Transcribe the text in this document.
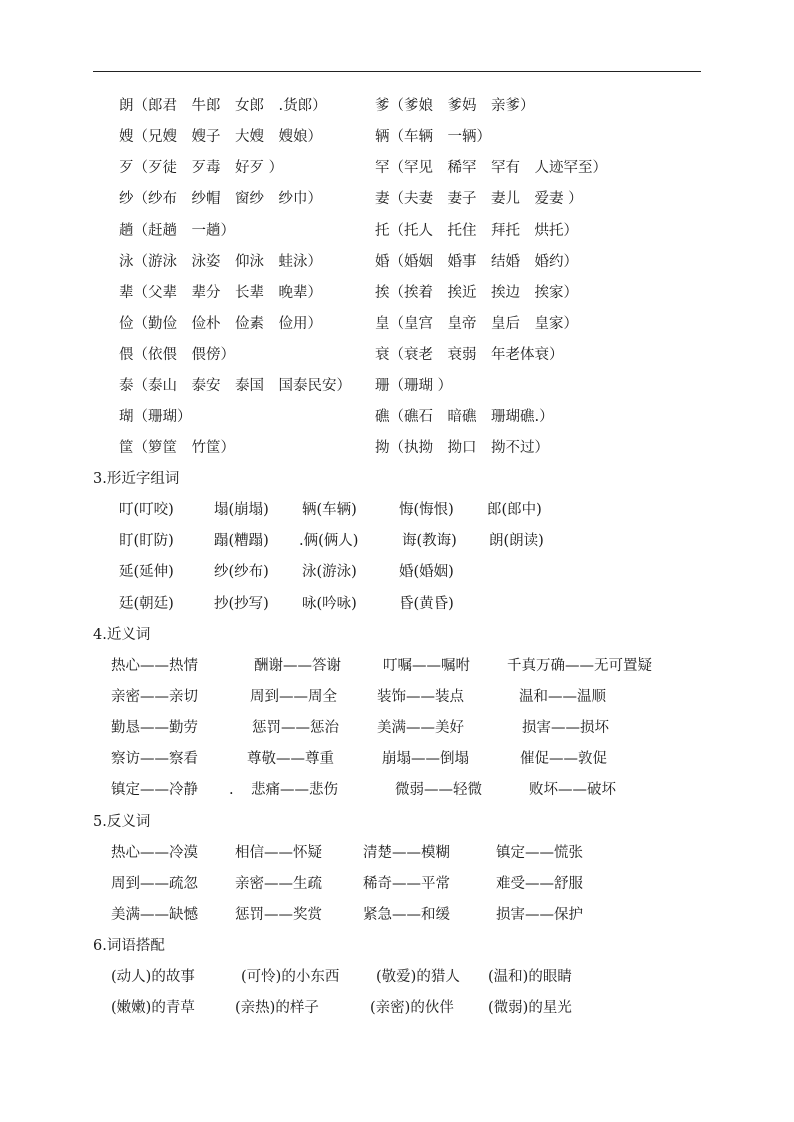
朗（郎君　牛郎　女郎　.货郎）	爹（爹娘　爹妈　亲爹）
嫂（兄嫂　嫂子　大嫂　嫂娘）	辆（车辆　一辆）
歹（歹徒　歹毒　好歹 ）	罕（罕见　稀罕　罕有　人迹罕至）
纱（纱布　纱帽　窗纱　纱巾）	妻（夫妻　妻子　妻儿　爱妻 ）
趟（赶趟　一趟）	托（托人　托住　拜托　烘托）
泳（游泳　泳姿　仰泳　蛙泳）	婚（婚姻　婚事　结婚　婚约）
辈（父辈　辈分　长辈　晚辈）	挨（挨着　挨近　挨边　挨家）
俭（勤俭　俭朴　俭素　俭用）	皇（皇宫　皇帝　皇后　皇家）
偎（依偎　偎傍）	衰（衰老　衰弱　年老体衰）
泰（泰山　泰安　泰国　国泰民安） 珊（珊瑚 ）
瑚（珊瑚）	礁（礁石　暗礁　珊瑚礁.）
筐（箩筐　竹筐）	拗（执拗　拗口　拗不过）
3.形近字组词
叮(叮咬)	塌(崩塌) 辆(车辆)	悔(悔恨) 郎(郎中)
盯(盯防)	蹋(糟蹋) .俩(俩人)	诲(教诲) 朗(朗读)
延(延伸)	纱(纱布) 泳(游泳)	婚(婚姻)
廷(朝廷)	抄(抄写) 咏(吟咏)	昏(黄昏)
4.近义词
热心——热情	酬谢——答谢	叮嘱——嘱咐	千真万确——无可置疑
亲密——亲切	周到——周全	装饰——装点	温和——温顺
勤恳——勤劳	惩罚——惩治	美满——美好	损害——损坏
察访——察看	尊敬——尊重	崩塌——倒塌	催促——敦促
镇定——冷静 . 悲痛——悲伤	微弱——轻微	败坏——破坏
5.反义词
热心——冷漠	相信——怀疑	清楚——模糊	镇定——慌张
周到——疏忽	亲密——生疏	稀奇——平常	难受——舒服
美满——缺憾	惩罚——奖赏	紧急——和缓	损害——保护
6.词语搭配
(动人)的故事	(可怜)的小东西	(敬爱)的猎人 (温和)的眼睛
(嫩嫩)的青草	(亲热)的样子	(亲密)的伙伴 (微弱)的星光
